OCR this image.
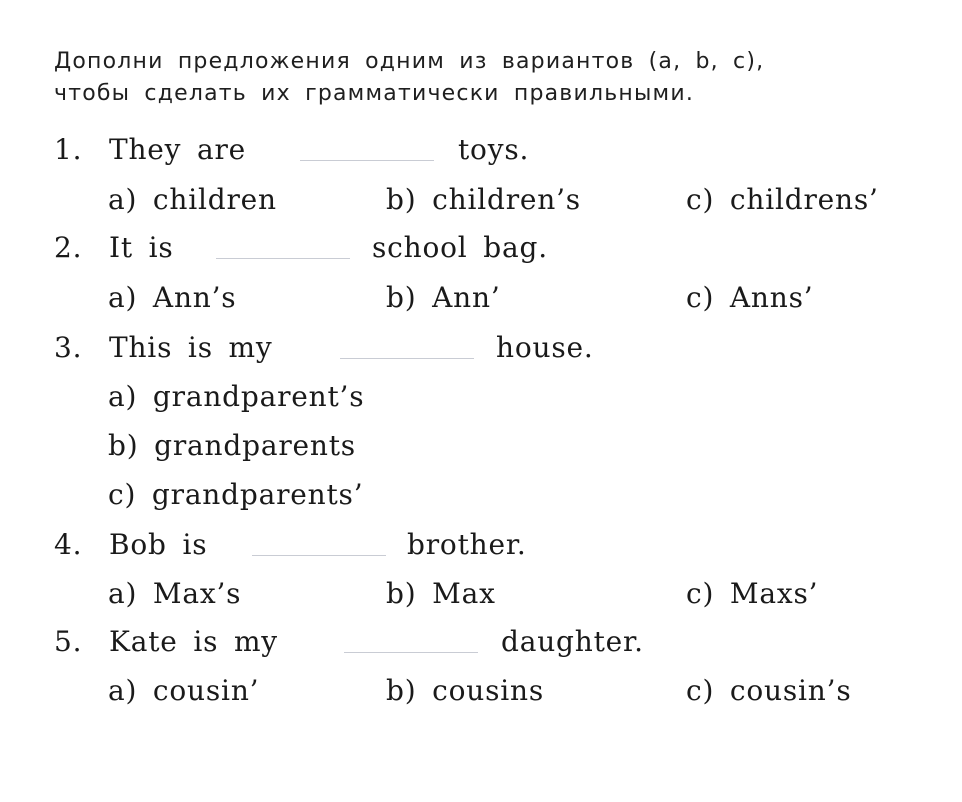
Дополни предложения одним из вариантов (a, b, c),
чтобы сделать их грамматически правильными.
1. They are	toys.
a) children	b) children’s	c) childrens’
2. It is	school bag.
a) Ann’s	b) Ann’	c) Anns’
3. This is my	house.
a) grandparent’s
b) grandparents
c) grandparents’
4. Bob is	brother.
a) Max’s	b) Max	c) Maxs’
5. Kate is my	daughter.
a) cousin’	b) cousins	c) cousin’s
